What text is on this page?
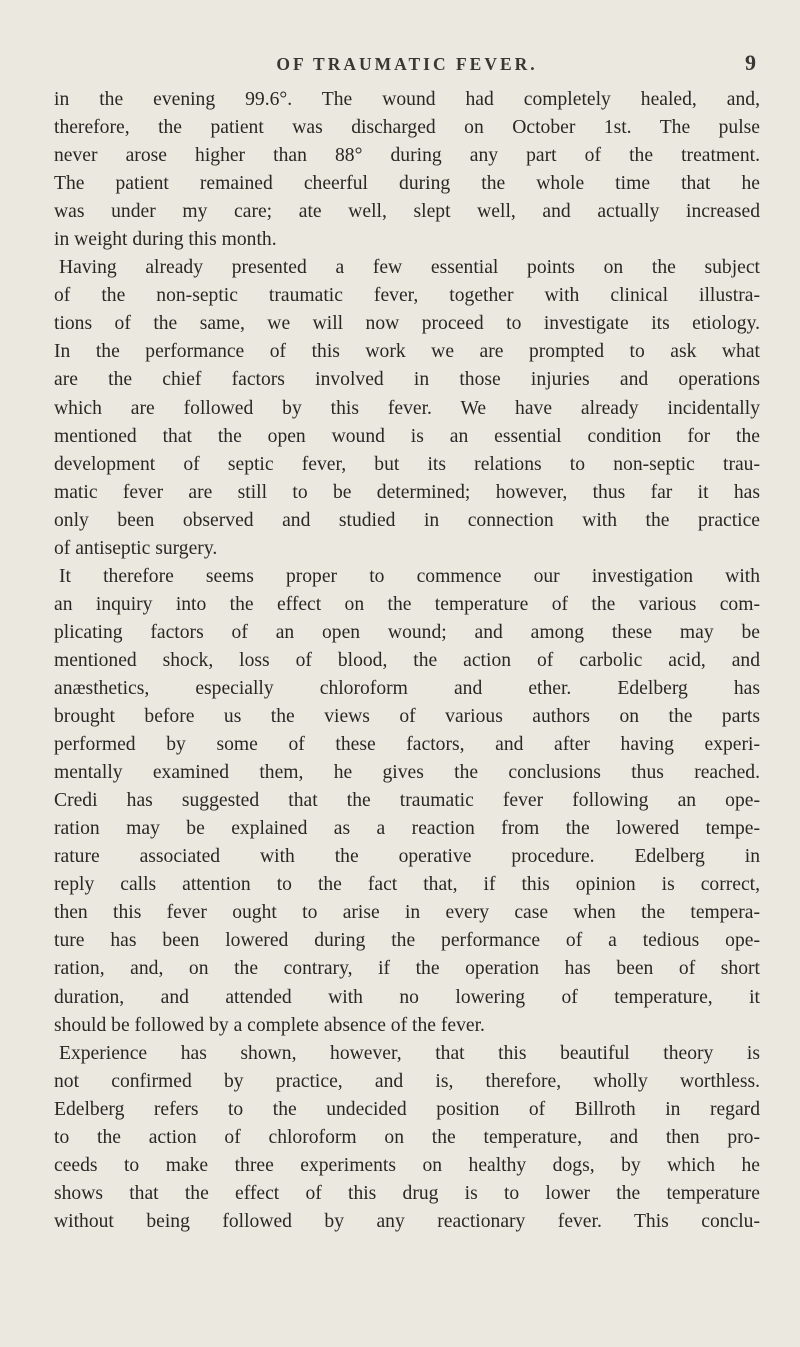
OF TRAUMATIC FEVER.	9
in the evening 99.6°. The wound had completely healed, and,
therefore, the patient was discharged on October 1st. The pulse
never arose higher than 88° during any part of the treatment.
The patient remained cheerful during the whole time that he
was under my care; ate well, slept well, and actually increased
in weight during this month.
Having already presented a few essential points on the subject
of the non-septic traumatic fever, together with clinical illustra-
tions of the same, we will now proceed to investigate its etiology.
In the performance of this work we are prompted to ask what
are the chief factors involved in those injuries and operations
which are followed by this fever. We have already incidentally
mentioned that the open wound is an essential condition for the
development of septic fever, but its relations to non-septic trau-
matic fever are still to be determined; however, thus far it has
only been observed and studied in connection with the practice
of antiseptic surgery.
It therefore seems proper to commence our investigation with
an inquiry into the effect on the temperature of the various com-
plicating factors of an open wound; and among these may be
mentioned shock, loss of blood, the action of carbolic acid, and
anæsthetics, especially chloroform and ether. Edelberg has
brought before us the views of various authors on the parts
performed by some of these factors, and after having experi-
mentally examined them, he gives the conclusions thus reached.
Credi has suggested that the traumatic fever following an ope-
ration may be explained as a reaction from the lowered tempe-
rature associated with the operative procedure. Edelberg in
reply calls attention to the fact that, if this opinion is correct,
then this fever ought to arise in every case when the tempera-
ture has been lowered during the performance of a tedious ope-
ration, and, on the contrary, if the operation has been of short
duration, and attended with no lowering of temperature, it
should be followed by a complete absence of the fever.
Experience has shown, however, that this beautiful theory is
not confirmed by practice, and is, therefore, wholly worthless.
Edelberg refers to the undecided position of Billroth in regard
to the action of chloroform on the temperature, and then pro-
ceeds to make three experiments on healthy dogs, by which he
shows that the effect of this drug is to lower the temperature
without being followed by any reactionary fever. This conclu-
